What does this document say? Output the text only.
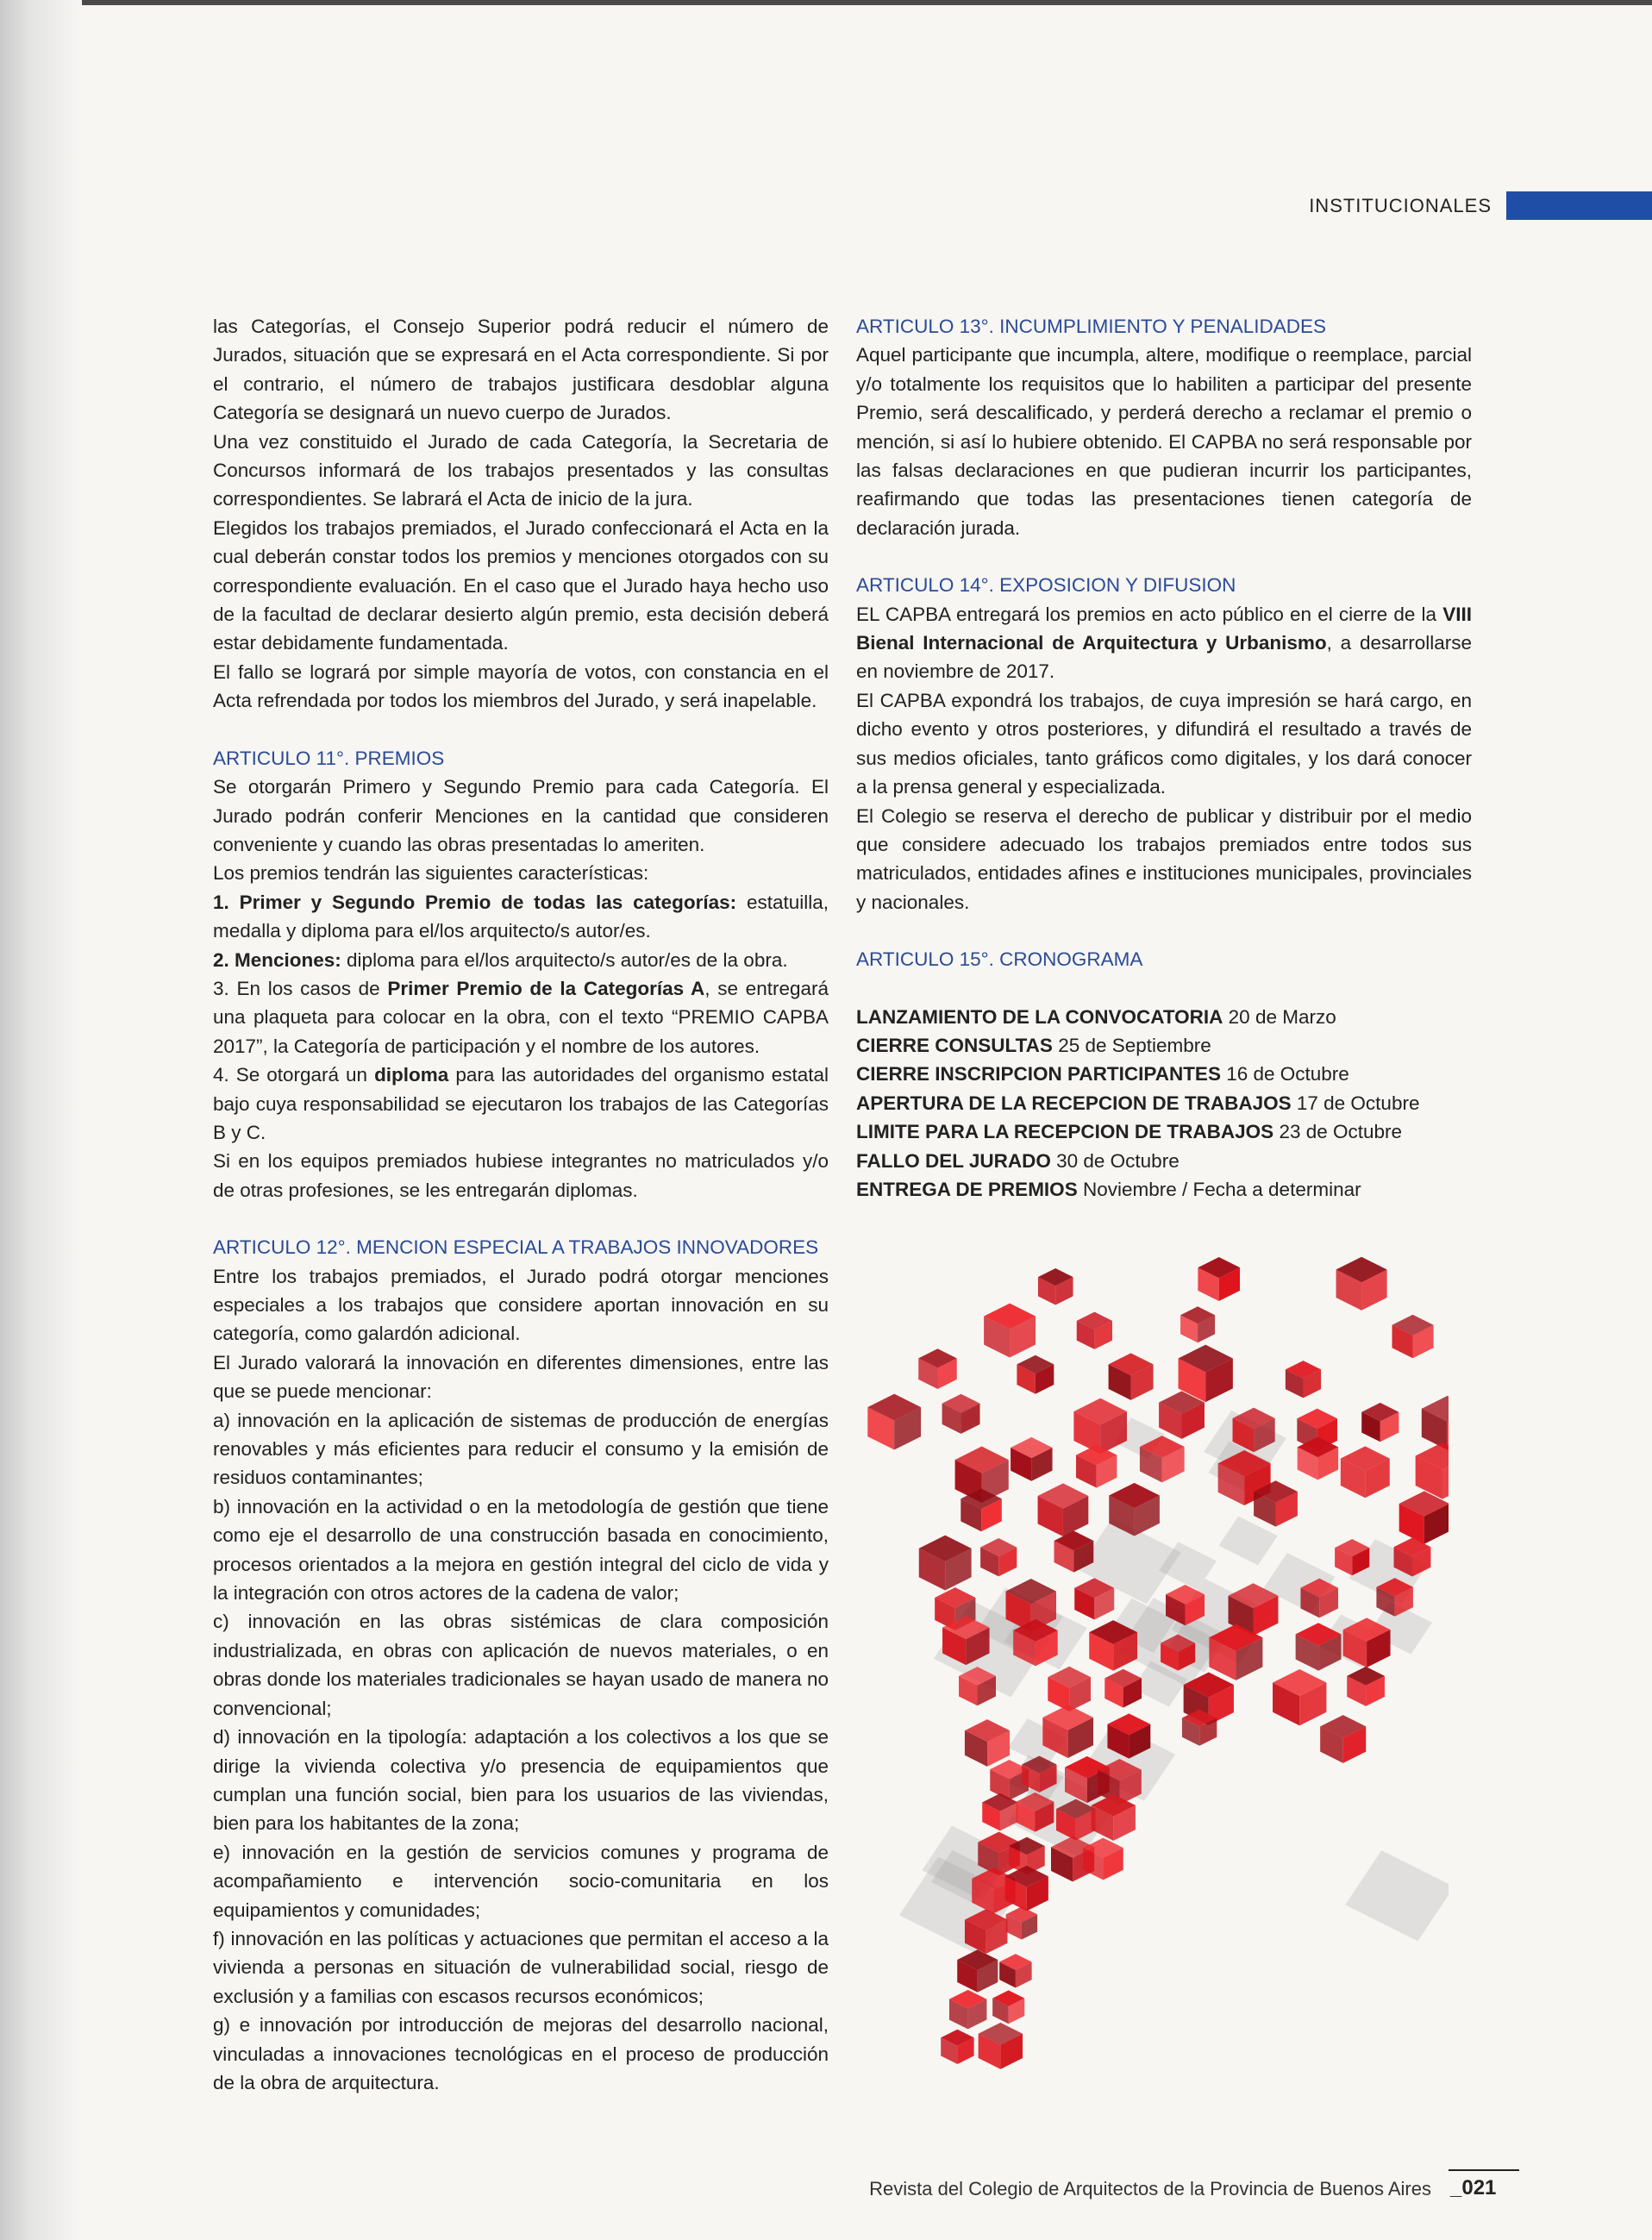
INSTITUCIONALES

las Categorías, el Consejo Superior podrá reducir el número de Jurados, situación que se expresará en el Acta correspondiente. Si por el contrario, el número de trabajos justificara desdoblar alguna Categoría se designará un nuevo cuerpo de Jurados.

Una vez constituido el Jurado de cada Categoría, la Secretaria de Concursos informará de los trabajos presentados y las consultas correspondientes. Se labrará el Acta de inicio de la jura.

Elegidos los trabajos premiados, el Jurado confeccionará el Acta en la cual deberán constar todos los premios y menciones otorgados con su correspondiente evaluación. En el caso que el Jurado haya hecho uso de la facultad de declarar desierto algún premio, esta decisión deberá estar debidamente fundamentada.

El fallo se logrará por simple mayoría de votos, con constancia en el Acta refrendada por todos los miembros del Jurado, y será inapelable.

ARTICULO 11°. PREMIOS

Se otorgarán Primero y Segundo Premio para cada Categoría. El Jurado podrán conferir Menciones en la cantidad que consideren conveniente y cuando las obras presentadas lo ameriten.

Los premios tendrán las siguientes características:

1. Primer y Segundo Premio de todas las categorías: estatuilla, medalla y diploma para el/los arquitecto/s autor/es.

2. Menciones: diploma para el/los arquitecto/s autor/es de la obra.

3. En los casos de Primer Premio de la Categorías A, se entregará una plaqueta para colocar en la obra, con el texto “PREMIO CAPBA 2017”, la Categoría de participación y el nombre de los autores.

4. Se otorgará un diploma para las autoridades del organismo estatal bajo cuya responsabilidad se ejecutaron los trabajos de las Categorías B y C.

Si en los equipos premiados hubiese integrantes no matriculados y/o de otras profesiones, se les entregarán diplomas.

ARTICULO 12°. MENCION ESPECIAL A TRABAJOS INNOVADORES

Entre los trabajos premiados, el Jurado podrá otorgar menciones especiales a los trabajos que considere aportan innovación en su categoría, como galardón adicional.

El Jurado valorará la innovación en diferentes dimensiones, entre las que se puede mencionar:

a) innovación en la aplicación de sistemas de producción de energías renovables y más eficientes para reducir el consumo y la emisión de residuos contaminantes;

b) innovación en la actividad o en la metodología de gestión que tiene como eje el desarrollo de una construcción basada en conocimiento, procesos orientados a la mejora en gestión integral del ciclo de vida y la integración con otros actores de la cadena de valor;

c) innovación en las obras sistémicas de clara composición industrializada, en obras con aplicación de nuevos materiales, o en obras donde los materiales tradicionales se hayan usado de manera no convencional;

d) innovación en la tipología: adaptación a los colectivos a los que se dirige la vivienda colectiva y/o presencia de equipamientos que cumplan una función social, bien para los usuarios de las viviendas, bien para los habitantes de la zona;

e) innovación en la gestión de servicios comunes y programa de acompañamiento e intervención socio-comunitaria en los equipamientos y comunidades;

f) innovación en las políticas y actuaciones que permitan el acceso a la vivienda a personas en situación de vulnerabilidad social, riesgo de exclusión y a familias con escasos recursos económicos;

g) e innovación por introducción de mejoras del desarrollo nacional, vinculadas a innovaciones tecnológicas en el proceso de producción de la obra de arquitectura.

ARTICULO 13°. INCUMPLIMIENTO Y PENALIDADES

Aquel participante que incumpla, altere, modifique o reemplace, parcial y/o totalmente los requisitos que lo habiliten a participar del presente Premio, será descalificado, y perderá derecho a reclamar el premio o mención, si así lo hubiere obtenido. El CAPBA no será responsable por las falsas declaraciones en que pudieran incurrir los participantes, reafirmando que todas las presentaciones tienen categoría de declaración jurada.

ARTICULO 14°. EXPOSICION Y DIFUSION

EL CAPBA entregará los premios en acto público en el cierre de la VIII Bienal Internacional de Arquitectura y Urbanismo, a desarrollarse en noviembre de 2017.

El CAPBA expondrá los trabajos, de cuya impresión se hará cargo, en dicho evento y otros posteriores, y difundirá el resultado a través de sus medios oficiales, tanto gráficos como digitales, y los dará conocer a la prensa general y especializada.

El Colegio se reserva el derecho de publicar y distribuir por el medio que considere adecuado los trabajos premiados entre todos sus matriculados, entidades afines e instituciones municipales, provinciales y nacionales.

ARTICULO 15°. CRONOGRAMA

LANZAMIENTO DE LA CONVOCATORIA 20 de Marzo

CIERRE CONSULTAS 25 de Septiembre

CIERRE INSCRIPCION PARTICIPANTES 16 de Octubre

APERTURA DE LA RECEPCION DE TRABAJOS 17 de Octubre

LIMITE PARA LA RECEPCION DE TRABAJOS 23 de Octubre

FALLO DEL JURADO 30 de Octubre

ENTREGA DE PREMIOS Noviembre / Fecha a determinar

Revista del Colegio de Arquitectos de la Provincia de Buenos Aires _021
